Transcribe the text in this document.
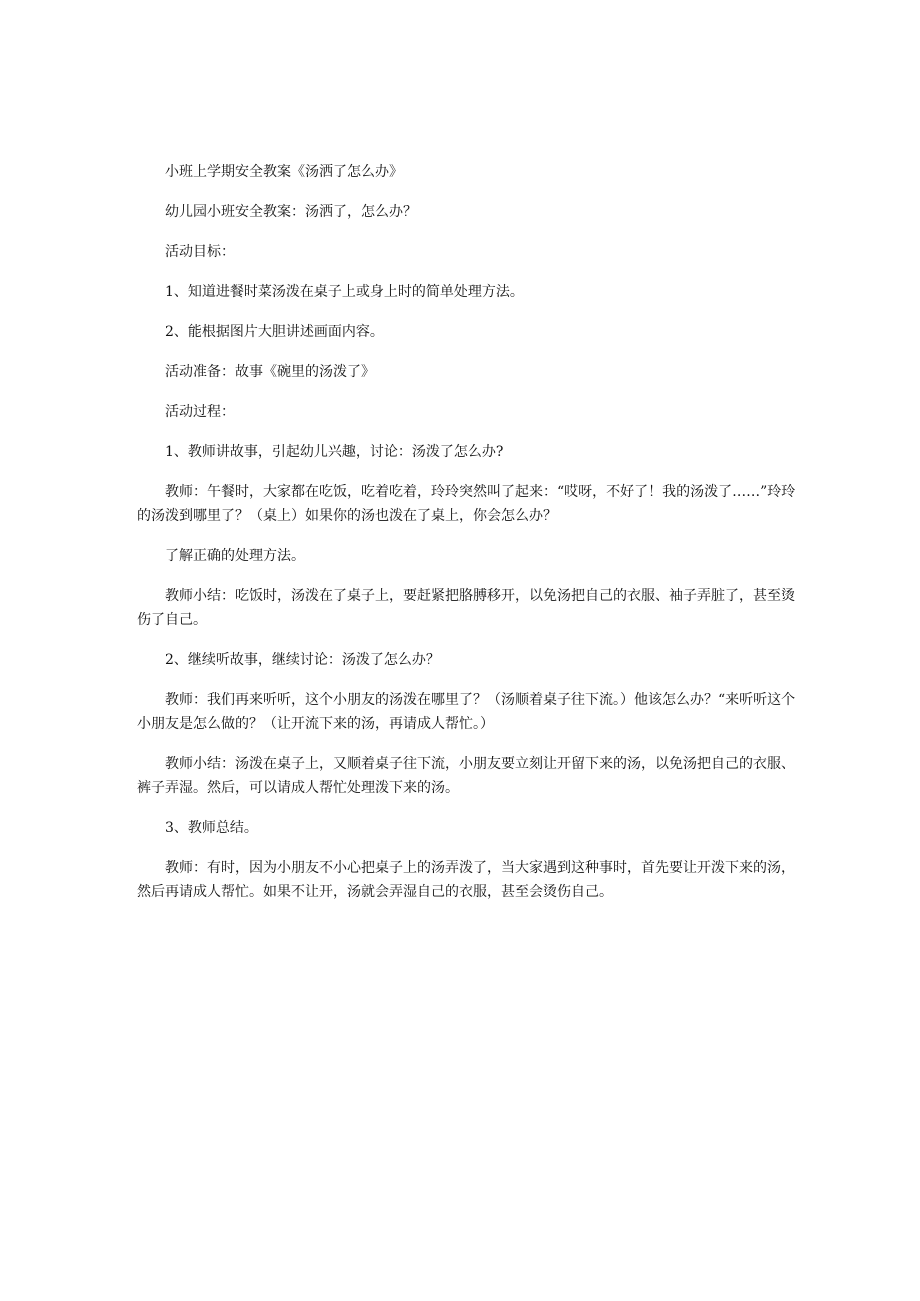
小班上学期安全教案《汤洒了怎么办》

幼儿园小班安全教案：汤洒了，怎么办？

活动目标：

1、知道进餐时菜汤泼在桌子上或身上时的简单处理方法。

2、能根据图片大胆讲述画面内容。

活动准备：故事《碗里的汤泼了》

活动过程：

1、教师讲故事，引起幼儿兴趣，讨论：汤泼了怎么办?

教师：午餐时，大家都在吃饭，吃着吃着，玲玲突然叫了起来：“哎呀，不好了！我的汤泼了……”玲玲的汤泼到哪里了？（桌上）如果你的汤也泼在了桌上，你会怎么办？

了解正确的处理方法。

教师小结：吃饭时，汤泼在了桌子上，要赶紧把胳膊移开，以免汤把自己的衣服、袖子弄脏了，甚至烫伤了自己。

2、继续听故事，继续讨论：汤泼了怎么办？

教师：我们再来听听，这个小朋友的汤泼在哪里了？（汤顺着桌子往下流。）他该怎么办？“来听听这个小朋友是怎么做的？（让开流下来的汤，再请成人帮忙。）

教师小结：汤泼在桌子上，又顺着桌子往下流，小朋友要立刻让开留下来的汤，以免汤把自己的衣服、裤子弄湿。然后，可以请成人帮忙处理泼下来的汤。

3、教师总结。

教师：有时，因为小朋友不小心把桌子上的汤弄泼了，当大家遇到这种事时，首先要让开泼下来的汤，然后再请成人帮忙。如果不让开，汤就会弄湿自己的衣服，甚至会烫伤自己。
